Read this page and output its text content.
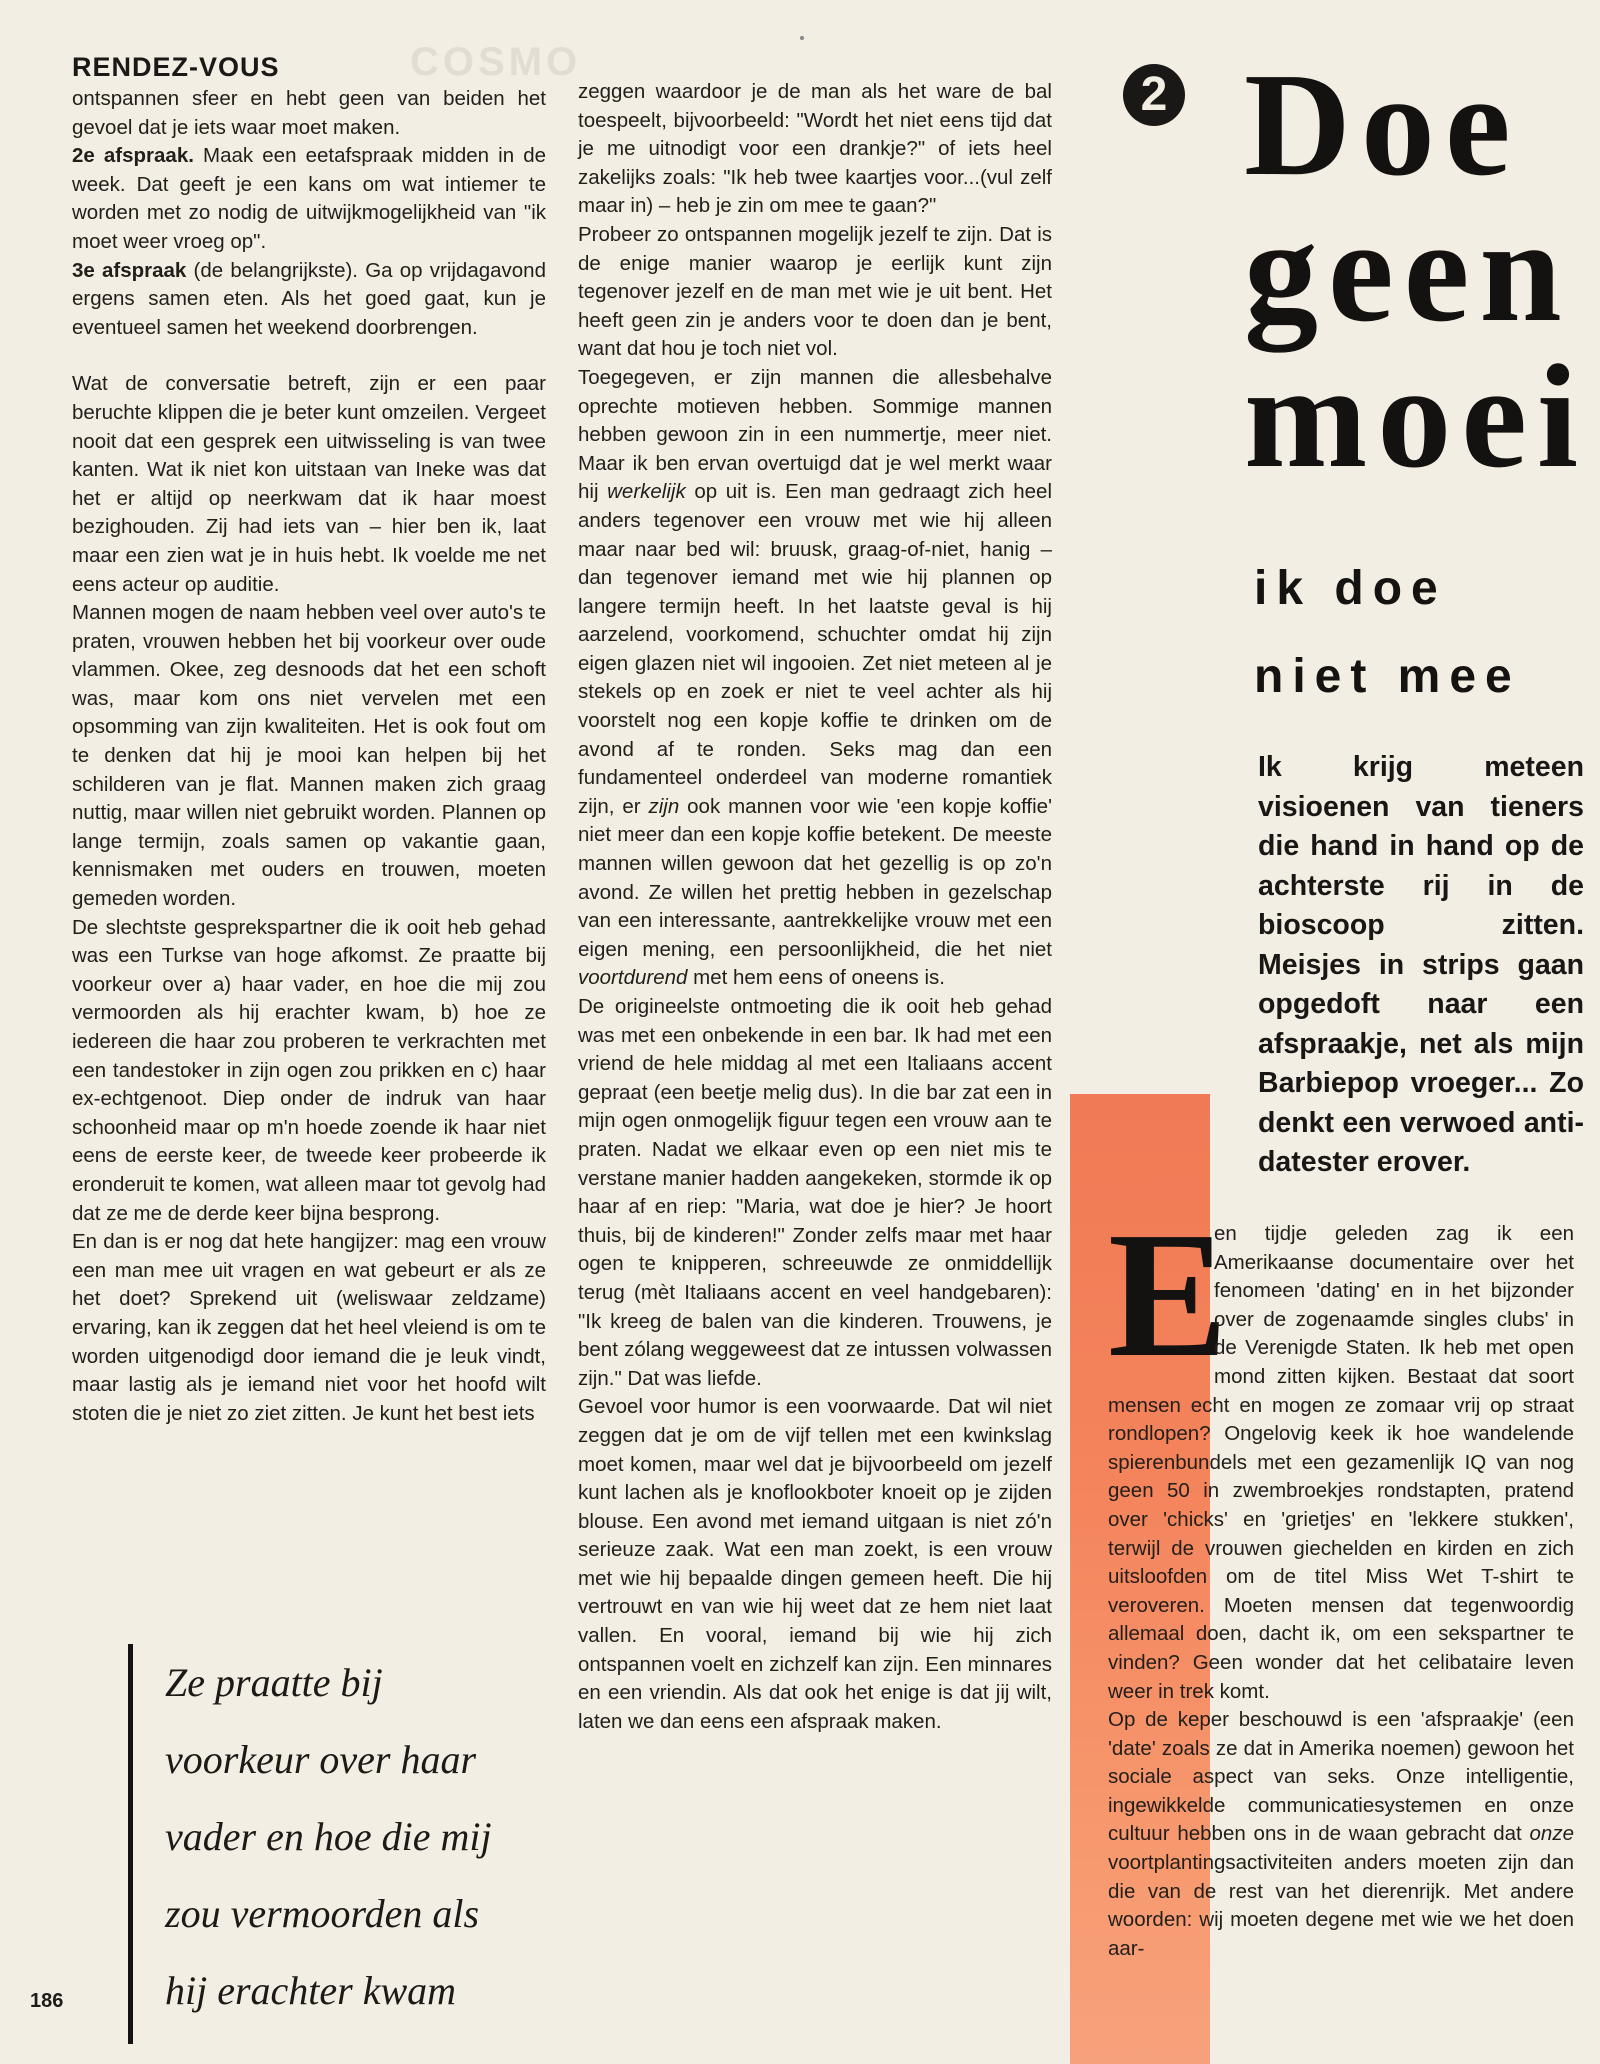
COSMO
RENDEZ-VOUS

ontspannen sfeer en hebt geen van beiden het gevoel dat je iets waar moet maken.

2e afspraak. Maak een eetafspraak midden in de week. Dat geeft je een kans om wat intiemer te worden met zo nodig de uitwijkmogelijkheid van "ik moet weer vroeg op".

3e afspraak (de belangrijkste). Ga op vrijdagavond ergens samen eten. Als het goed gaat, kun je eventueel samen het weekend doorbrengen.

Wat de conversatie betreft, zijn er een paar beruchte klippen die je beter kunt omzeilen. Vergeet nooit dat een gesprek een uitwisseling is van twee kanten. Wat ik niet kon uitstaan van Ineke was dat het er altijd op neerkwam dat ik haar moest bezighouden. Zij had iets van – hier ben ik, laat maar een zien wat je in huis hebt. Ik voelde me net eens acteur op auditie.

Mannen mogen de naam hebben veel over auto's te praten, vrouwen hebben het bij voorkeur over oude vlammen. Okee, zeg desnoods dat het een schoft was, maar kom ons niet vervelen met een opsomming van zijn kwaliteiten. Het is ook fout om te denken dat hij je mooi kan helpen bij het schilderen van je flat. Mannen maken zich graag nuttig, maar willen niet gebruikt worden. Plannen op lange termijn, zoals samen op vakantie gaan, kennismaken met ouders en trouwen, moeten gemeden worden.

De slechtste gesprekspartner die ik ooit heb gehad was een Turkse van hoge afkomst. Ze praatte bij voorkeur over a) haar vader, en hoe die mij zou vermoorden als hij erachter kwam, b) hoe ze iedereen die haar zou proberen te verkrachten met een tandestoker in zijn ogen zou prikken en c) haar ex-echtgenoot. Diep onder de indruk van haar schoonheid maar op m'n hoede zoende ik haar niet eens de eerste keer, de tweede keer probeerde ik eronderuit te komen, wat alleen maar tot gevolg had dat ze me de derde keer bijna besprong.

En dan is er nog dat hete hangijzer: mag een vrouw een man mee uit vragen en wat gebeurt er als ze het doet? Sprekend uit (weliswaar zeldzame) ervaring, kan ik zeggen dat het heel vleiend is om te worden uitgenodigd door iemand die je leuk vindt, maar lastig als je iemand niet voor het hoofd wilt stoten die je niet zo ziet zitten. Je kunt het best iets

Ze praatte bij
voorkeur over haar
vader en hoe die mij
zou vermoorden als
hij erachter kwam
186

zeggen waardoor je de man als het ware de bal toespeelt, bijvoorbeeld: "Wordt het niet eens tijd dat je me uitnodigt voor een drankje?" of iets heel zakelijks zoals: "Ik heb twee kaartjes voor...(vul zelf maar in) – heb je zin om mee te gaan?"

Probeer zo ontspannen mogelijk jezelf te zijn. Dat is de enige manier waarop je eerlijk kunt zijn tegenover jezelf en de man met wie je uit bent. Het heeft geen zin je anders voor te doen dan je bent, want dat hou je toch niet vol.

Toegegeven, er zijn mannen die allesbehalve oprechte motieven hebben. Sommige mannen hebben gewoon zin in een nummertje, meer niet. Maar ik ben ervan overtuigd dat je wel merkt waar hij werkelijk op uit is. Een man gedraagt zich heel anders tegenover een vrouw met wie hij alleen maar naar bed wil: bruusk, graag-of-niet, hanig – dan tegenover iemand met wie hij plannen op langere termijn heeft. In het laatste geval is hij aarzelend, voorkomend, schuchter omdat hij zijn eigen glazen niet wil ingooien. Zet niet meteen al je stekels op en zoek er niet te veel achter als hij voorstelt nog een kopje koffie te drinken om de avond af te ronden. Seks mag dan een fundamenteel onderdeel van moderne romantiek zijn, er zijn ook mannen voor wie 'een kopje koffie' niet meer dan een kopje koffie betekent. De meeste mannen willen gewoon dat het gezellig is op zo'n avond. Ze willen het prettig hebben in gezelschap van een interessante, aantrekkelijke vrouw met een eigen mening, een persoonlijkheid, die het niet voortdurend met hem eens of oneens is.

De origineelste ontmoeting die ik ooit heb gehad was met een onbekende in een bar. Ik had met een vriend de hele middag al met een Italiaans accent gepraat (een beetje melig dus). In die bar zat een in mijn ogen onmogelijk figuur tegen een vrouw aan te praten. Nadat we elkaar even op een niet mis te verstane manier hadden aangekeken, stormde ik op haar af en riep: "Maria, wat doe je hier? Je hoort thuis, bij de kinderen!" Zonder zelfs maar met haar ogen te knipperen, schreeuwde ze onmiddellijk terug (mèt Italiaans accent en veel handgebaren): "Ik kreeg de balen van die kinderen. Trouwens, je bent zólang weggeweest dat ze intussen volwassen zijn." Dat was liefde.

Gevoel voor humor is een voorwaarde. Dat wil niet zeggen dat je om de vijf tellen met een kwinkslag moet komen, maar wel dat je bijvoorbeeld om jezelf kunt lachen als je knoflookboter knoeit op je zijden blouse. Een avond met iemand uitgaan is niet zó'n serieuze zaak. Wat een man zoekt, is een vrouw met wie hij bepaalde dingen gemeen heeft. Die hij vertrouwt en van wie hij weet dat ze hem niet laat vallen. En vooral, iemand bij wie hij zich ontspannen voelt en zichzelf kan zijn. Een minnares en een vriendin. Als dat ook het enige is dat jij wilt, laten we dan eens een afspraak maken.

2 Doe
geen
moei
ik doe
niet mee
Ik krijg meteen visioenen van tieners die hand in hand op de achterste rij in de bioscoop zitten. Meisjes in strips gaan opgedoft naar een afspraakje, net als mijn Barbiepop vroeger... Zo denkt een verwoed anti-datester erover.

E
en tijdje geleden zag ik een Amerikaanse documentaire over het fenomeen 'dating' en in het bijzonder over de zogenaamde singles clubs' in de Verenigde Staten. Ik heb met open mond zitten kijken. Bestaat dat soort mensen echt en mogen ze zomaar vrij op straat rondlopen? Ongelovig keek ik hoe wandelende spierenbundels met een gezamenlijk IQ van nog geen 50 in zwembroekjes rondstapten, pratend over 'chicks' en 'grietjes' en 'lekkere stukken', terwijl de vrouwen giechelden en kirden en zich uitsloofden om de titel Miss Wet T-shirt te veroveren. Moeten mensen dat tegenwoordig allemaal doen, dacht ik, om een sekspartner te vinden? Geen wonder dat het celibataire leven weer in trek komt.

Op de keper beschouwd is een 'afspraakje' (een 'date' zoals ze dat in Amerika noemen) gewoon het sociale aspect van seks. Onze intelligentie, ingewikkelde communicatiesystemen en onze cultuur hebben ons in de waan gebracht dat onze voortplantingsactiviteiten anders moeten zijn dan die van de rest van het dierenrijk. Met andere woorden: wij moeten degene met wie we het doen aar-
